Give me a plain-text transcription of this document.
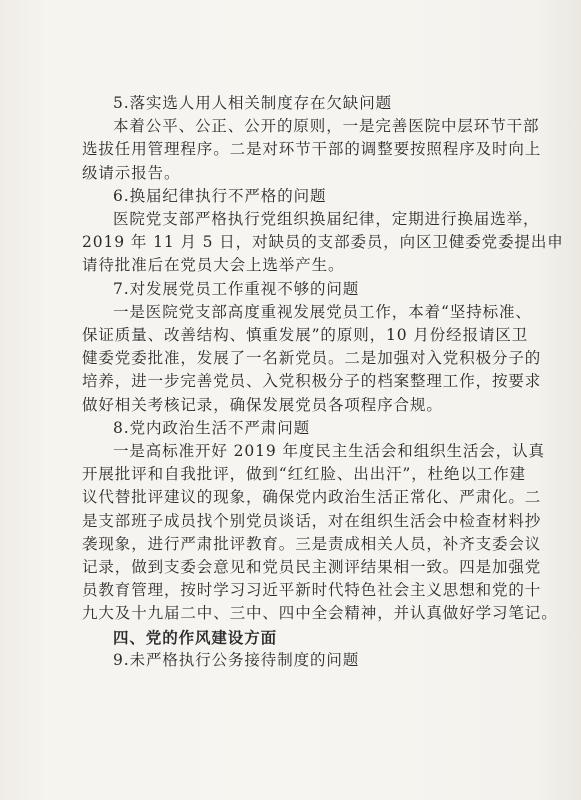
5.落实选人用人相关制度存在欠缺问题
本着公平、公正、公开的原则，一是完善医院中层环节干部
选拔任用管理程序。二是对环节干部的调整要按照程序及时向上
级请示报告。
6.换届纪律执行不严格的问题
医院党支部严格执行党组织换届纪律，定期进行换届选举，
2019 年 11 月 5 日，对缺员的支部委员，向区卫健委党委提出申
请待批准后在党员大会上选举产生。
7.对发展党员工作重视不够的问题
一是医院党支部高度重视发展党员工作，本着“坚持标准、
保证质量、改善结构、慎重发展”的原则，10 月份经报请区卫
健委党委批准，发展了一名新党员。二是加强对入党积极分子的
培养，进一步完善党员、入党积极分子的档案整理工作，按要求
做好相关考核记录，确保发展党员各项程序合规。
8.党内政治生活不严肃问题
一是高标准开好 2019 年度民主生活会和组织生活会，认真
开展批评和自我批评，做到“红红脸、出出汗”，杜绝以工作建
议代替批评建议的现象，确保党内政治生活正常化、严肃化。二
是支部班子成员找个别党员谈话，对在组织生活会中检查材料抄
袭现象，进行严肃批评教育。三是责成相关人员，补齐支委会议
记录，做到支委会意见和党员民主测评结果相一致。四是加强党
员教育管理，按时学习习近平新时代特色社会主义思想和党的十
九大及十九届二中、三中、四中全会精神，并认真做好学习笔记。
四、党的作风建设方面
9.未严格执行公务接待制度的问题
